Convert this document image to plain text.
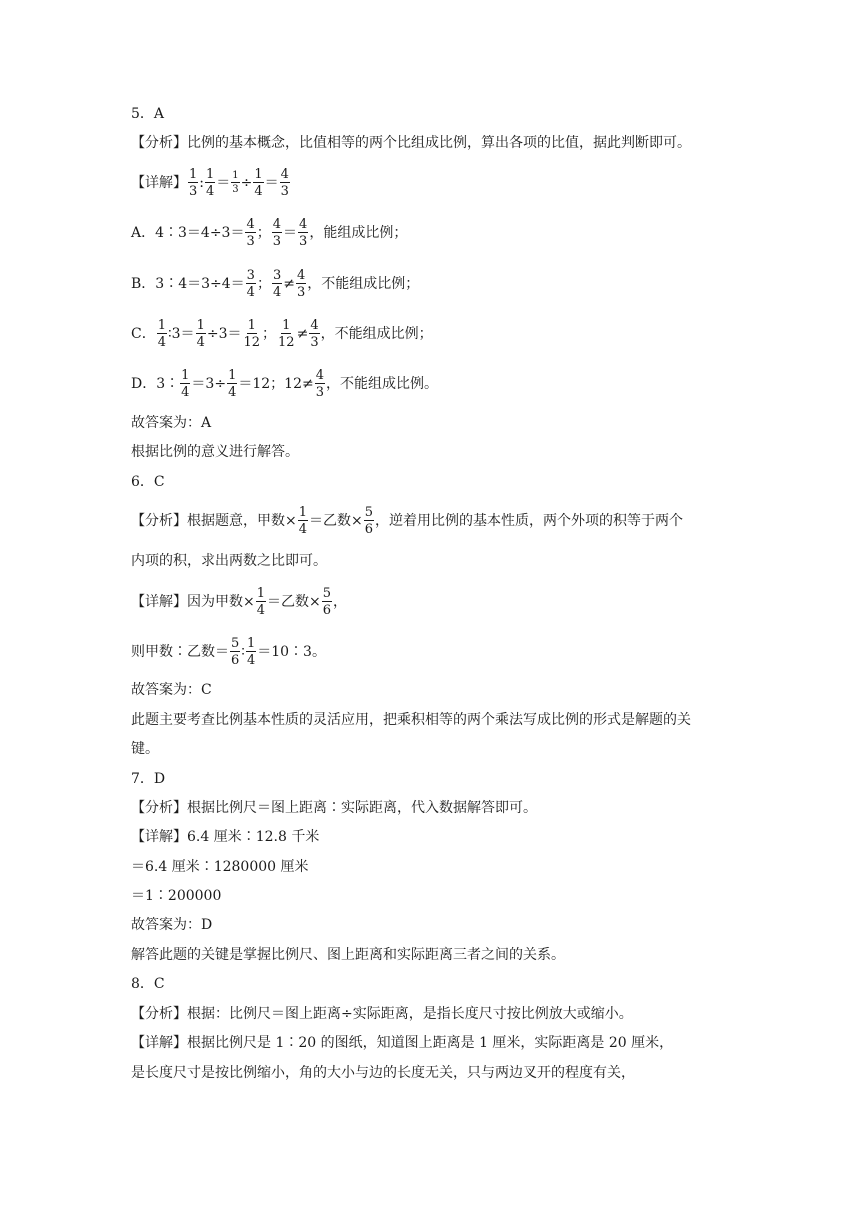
5．A
【分析】比例的基本概念，比值相等的两个比组成比例，算出各项的比值，据此判断即可。
【详解】 $\frac{1}{3}$ : $\frac{1}{4} = \frac{1}{3} \div \frac{1}{4} = \frac{4}{3}$
A．4∶3＝4÷3＝ $\frac{4}{3}$ ； $\frac{4}{3} = \frac{4}{3}$ ，能组成比例；
B．3∶4＝3÷4＝ $\frac{3}{4}$ ； $\frac{3}{4} \ne \frac{4}{3}$ ，不能组成比例；
C． $\frac{1}{4}$ ∶3＝ $\frac{1}{4} \div 3= \frac{1}{12}$ ； $\frac{1}{12} \ne \frac{4}{3}$ ，不能组成比例；
D．3∶ $\frac{1}{4} =3\div \frac{1}{4} =12$；$12\ne \frac{4}{3}$ ，不能组成比例。
故答案为：A
根据比例的意义进行解答。
6．C
【分析】根据题意，甲数× $\frac{1}{4}$ ＝乙数× $\frac{5}{6}$ ，逆着用比例的基本性质，两个外项的积等于两个
内项的积，求出两数之比即可。
【详解】因为甲数× $\frac{1}{4}$ ＝乙数× $\frac{5}{6}$ ，
则甲数∶乙数＝ $\frac{5}{6}$ ∶ $\frac{1}{4}$ ＝10∶3。
故答案为：C
此题主要考查比例基本性质的灵活应用，把乘积相等的两个乘法写成比例的形式是解题的关
键。
7．D
【分析】根据比例尺＝图上距离∶实际距离，代入数据解答即可。
【详解】6.4 厘米∶12.8 千米
＝6.4 厘米∶1280000 厘米
＝1∶200000
故答案为：D
解答此题的关键是掌握比例尺、图上距离和实际距离三者之间的关系。
8．C
【分析】根据：比例尺＝图上距离÷实际距离，是指长度尺寸按比例放大或缩小。
【详解】根据比例尺是 1∶20 的图纸，知道图上距离是 1 厘米，实际距离是 20 厘米，
是长度尺寸是按比例缩小，角的大小与边的长度无关，只与两边叉开的程度有关，
